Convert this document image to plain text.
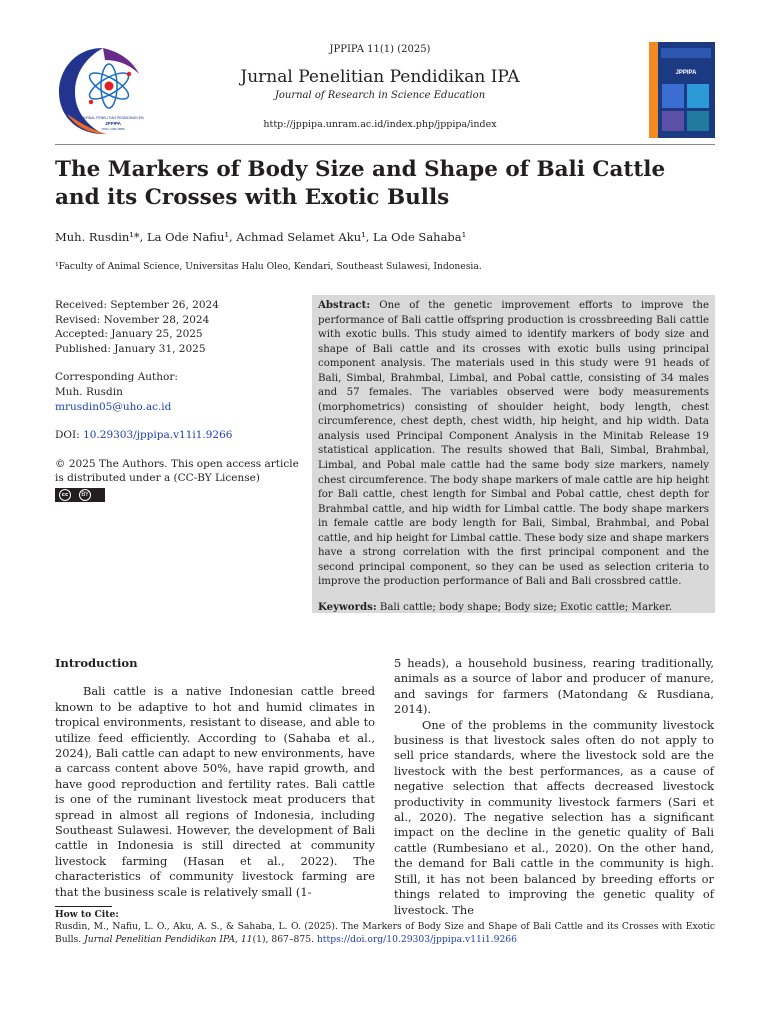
JURNAL PENELITIAN PENDIDIKAN IPA
JPPIPA
ISSN: 2460-2585
JPPIPA 11(1) (2025)
Jurnal Penelitian Pendidikan IPA
Journal of Research in Science Education
http://jppipa.unram.ac.id/index.php/jppipa/index
JPPIPA
The Markers of Body Size and Shape of Bali Cattle and its Crosses with Exotic Bulls
Muh. Rusdin¹*, La Ode Nafiu¹, Achmad Selamet Aku¹, La Ode Sahaba¹
¹Faculty of Animal Science, Universitas Halu Oleo, Kendari, Southeast Sulawesi, Indonesia.
Received: September 26, 2024
Revised: November 28, 2024
Accepted: January 25, 2025
Published: January 31, 2025
Corresponding Author:
Muh. Rusdin
mrusdin05@uho.ac.id
DOI: 10.29303/jppipa.v11i1.9266
© 2025 The Authors. This open access article is distributed under a (CC-BY License)
cc	BY

Abstract: One of the genetic improvement efforts to improve the performance of Bali cattle offspring production is crossbreeding Bali cattle with exotic bulls. This study aimed to identify markers of body size and shape of Bali cattle and its crosses with exotic bulls using principal component analysis. The materials used in this study were 91 heads of Bali, Simbal, Brahmbal, Limbal, and Pobal cattle, consisting of 34 males and 57 females. The variables observed were body measurements (morphometrics) consisting of shoulder height, body length, chest circumference, chest depth, chest width, hip height, and hip width. Data analysis used Principal Component Analysis in the Minitab Release 19 statistical application. The results showed that Bali, Simbal, Brahmbal, Limbal, and Pobal male cattle had the same body size markers, namely chest circumference. The body shape markers of male cattle are hip height for Bali cattle, chest length for Simbal and Pobal cattle, chest depth for Brahmbal cattle, and hip width for Limbal cattle. The body shape markers in female cattle are body length for Bali, Simbal, Brahmbal, and Pobal cattle, and hip height for Limbal cattle. These body size and shape markers have a strong correlation with the first principal component and the second principal component, so they can be used as selection criteria to improve the production performance of Bali and Bali crossbred cattle.

Keywords: Bali cattle; body shape; Body size; Exotic cattle; Marker.

Introduction

Bali cattle is a native Indonesian cattle breed known to be adaptive to hot and humid climates in tropical environments, resistant to disease, and able to utilize feed efficiently. According to (Sahaba et al., 2024), Bali cattle can adapt to new environments, have a carcass content above 50%, have rapid growth, and have good reproduction and fertility rates. Bali cattle is one of the ruminant livestock meat producers that spread in almost all regions of Indonesia, including Southeast Sulawesi. However, the development of Bali cattle in Indonesia is still directed at community livestock farming (Hasan et al., 2022). The characteristics of community livestock farming are that the business scale is relatively small (1-

5 heads), a household business, rearing traditionally, animals as a source of labor and producer of manure, and savings for farmers (Matondang & Rusdiana, 2014).

One of the problems in the community livestock business is that livestock sales often do not apply to sell price standards, where the livestock sold are the livestock with the best performances, as a cause of negative selection that affects decreased livestock productivity in community livestock farmers (Sari et al., 2020). The negative selection has a significant impact on the decline in the genetic quality of Bali cattle (Rumbesiano et al., 2020). On the other hand, the demand for Bali cattle in the community is high. Still, it has not been balanced by breeding efforts or things related to improving the genetic quality of livestock. The

How to Cite:
Rusdin, M., Nafiu, L. O., Aku, A. S., & Sahaba, L. O. (2025). The Markers of Body Size and Shape of Bali Cattle and its Crosses with Exotic Bulls. Jurnal Penelitian Pendidikan IPA, 11(1), 867–875. https://doi.org/10.29303/jppipa.v11i1.9266
